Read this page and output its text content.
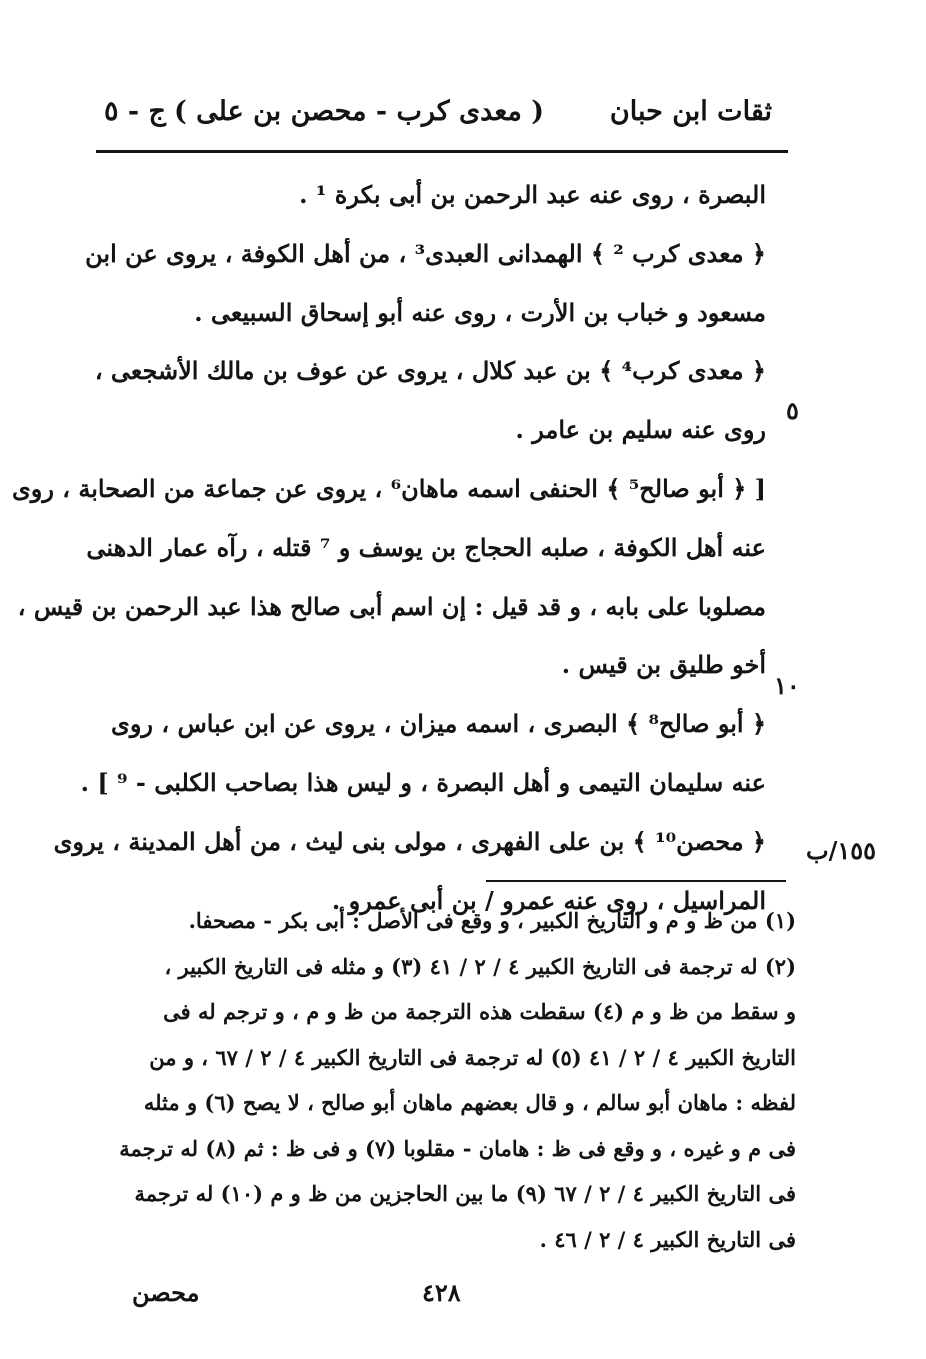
ثقات ابن حبان
( معدى كرب - محصن بن على )
ج - ٥
البصرة ، روى عنه عبد الرحمن بن أبى بكرة ¹ .
﴿ معدى كرب ² ﴾ الهمدانى العبدى³ ، من أهل الكوفة ، يروى عن ابن
مسعود و خباب بن الأرت ، روى عنه أبو إسحاق السبيعى .
﴿ معدى كرب⁴ ﴾ بن عبد كلال ، يروى عن عوف بن مالك الأشجعى ،
روى عنه سليم بن عامر .
[ ﴿ أبو صالح⁵ ﴾ الحنفى اسمه ماهان⁶ ، يروى عن جماعة من الصحابة ، روى
عنه أهل الكوفة ، صلبه الحجاج بن يوسف و ⁷ قتله ، رآه عمار الدهنى
مصلوبا على بابه ، و قد قيل : إن اسم أبى صالح هذا عبد الرحمن بن قيس ،
أخو طليق بن قيس .
﴿ أبو صالح⁸ ﴾ البصرى ، اسمه ميزان ، يروى عن ابن عباس ، روى
عنه سليمان التيمى و أهل البصرة ، و ليس هذا بصاحب الكلبى - ⁹ ] .
﴿ محصن¹⁰ ﴾ بن على الفهرى ، مولى بنى ليث ، من أهل المدينة ، يروى
المراسيل ، روى عنه عمرو / بن أبى عمرو .
٥
١٠
١٥٥/ب
(١) من ظ و م و التاريخ الكبير ، و وقع فى الأصل : أبى بكر - مصحفا.
(٢) له ترجمة فى التاريخ الكبير ٤ / ٢ / ٤١ (٣) و مثله فى التاريخ الكبير ،
و سقط من ظ و م (٤) سقطت هذه الترجمة من ظ و م ، و ترجم له فى
التاريخ الكبير ٤ / ٢ / ٤١ (٥) له ترجمة فى التاريخ الكبير ٤ / ٢ / ٦٧ ، و من
لفظه : ماهان أبو سالم ، و قال بعضهم ماهان أبو صالح ، لا يصح (٦) و مثله
فى م و غيره ، و وقع فى ظ : هامان - مقلوبا (٧) و فى ظ : ثم (٨) له ترجمة
فى التاريخ الكبير ٤ / ٢ / ٦٧ (٩) ما بين الحاجزين من ظ و م (١٠) له ترجمة
فى التاريخ الكبير ٤ / ٢ / ٤٦ .
٤٢٨
محصن
